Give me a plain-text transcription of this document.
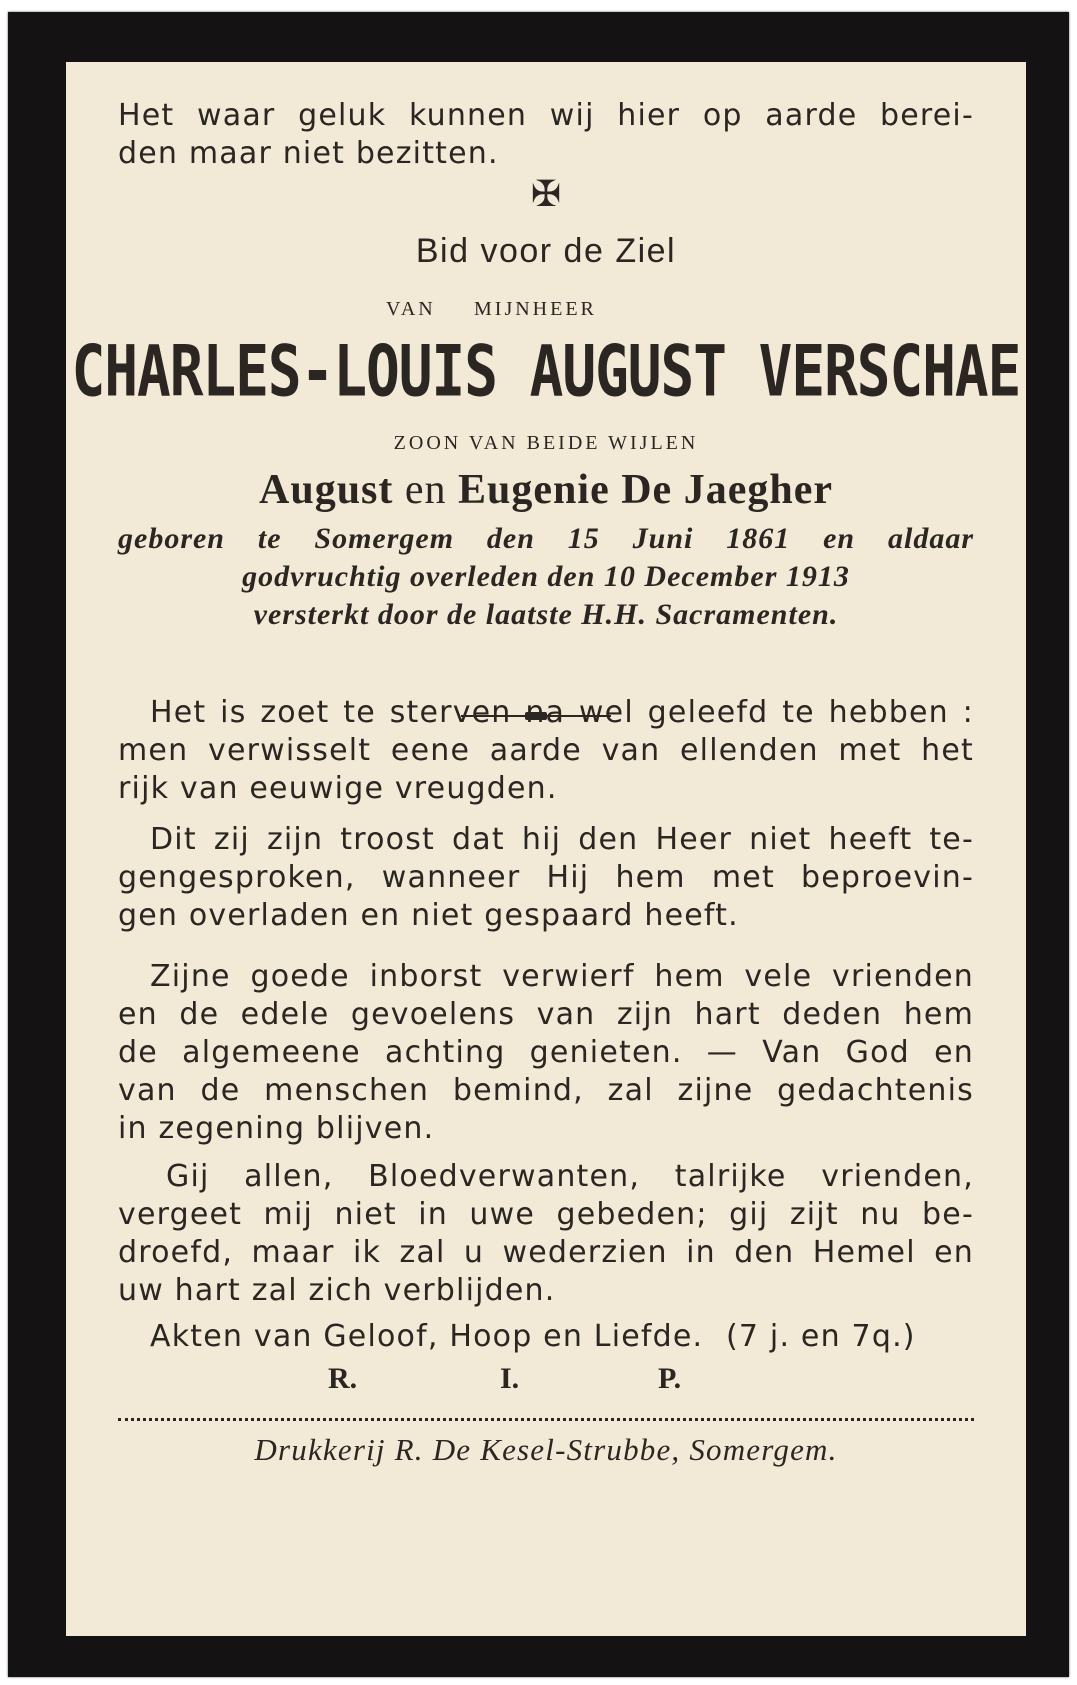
Het waar geluk kunnen wij hier op aarde berei-
den maar niet bezitten.
✠
Bid voor de Ziel
VAN MIJNHEER
CHARLES-LOUIS AUGUST VERSCHAE
ZOON VAN BEIDE WIJLEN
August en Eugenie De Jaegher
geboren te Somergem den 15 Juni 1861 en aldaar
godvruchtig overleden den 10 December 1913
versterkt door de laatste H.H. Sacramenten.
Het is zoet te sterven na wel geleefd te hebben :
men verwisselt eene aarde van ellenden met het
rijk van eeuwige vreugden.
Dit zij zijn troost dat hij den Heer niet heeft te-
gengesproken, wanneer Hij hem met beproevin-
gen overladen en niet gespaard heeft.
Zijne goede inborst verwierf hem vele vrienden
en de edele gevoelens van zijn hart deden hem
de algemeene achting genieten. — Van God en
van de menschen bemind, zal zijne gedachtenis
in zegening blijven.
Gij allen, Bloedverwanten, talrijke vrienden,
vergeet mij niet in uwe gebeden; gij zijt nu be-
droefd, maar ik zal u wederzien in den Hemel en
uw hart zal zich verblijden.
Akten van Geloof, Hoop en Liefde. (7 j. en 7q.)
R.	I.	P.
Drukkerij R. De Kesel-Strubbe, Somergem.
